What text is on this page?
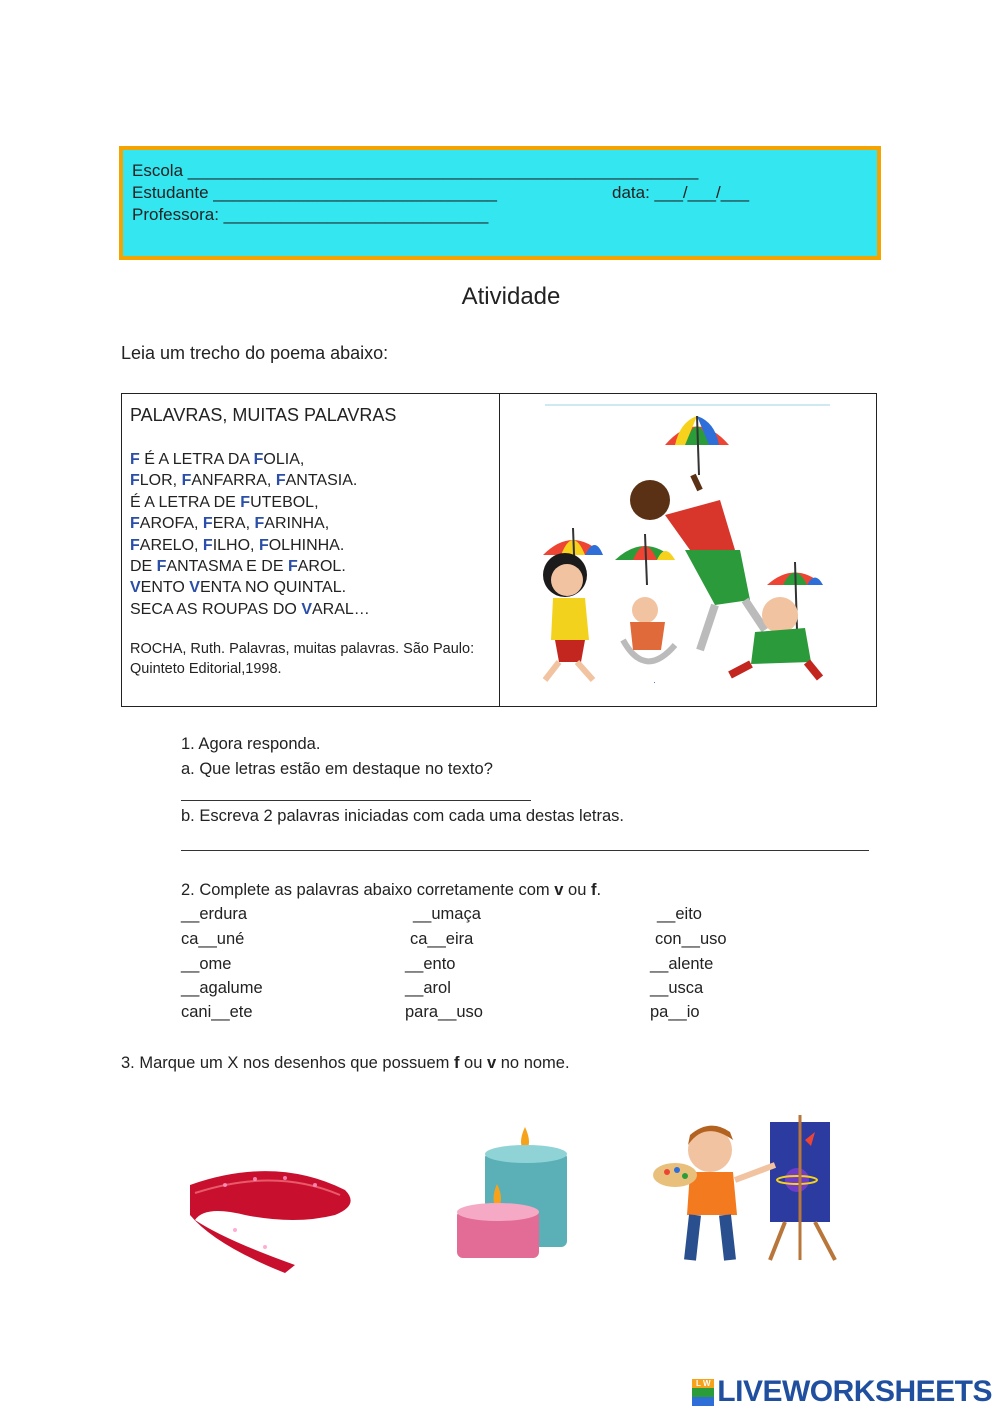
Escola ______________________________________________________
Estudante ______________________________	data: ___/___/___
Professora: ____________________________
Atividade
Leia um trecho do poema abaixo:
PALAVRAS, MUITAS PALAVRAS
F É A LETRA DA FOLIA,
FLOR, FANFARRA, FANTASIA.
É A LETRA DE FUTEBOL,
FAROFA, FERA, FARINHA,
FARELO, FILHO, FOLHINHA.
DE FANTASMA E DE FAROL.
VENTO VENTA NO QUINTAL.
SECA AS ROUPAS DO VARAL…
ROCHA, Ruth. Palavras, muitas palavras. São Paulo: Quinteto Editorial,1998.
·
1. Agora responda.
a. Que letras estão em destaque no texto?
b. Escreva 2 palavras iniciadas com cada uma destas letras.
2. Complete as palavras abaixo corretamente com v ou f.
__erdura
ca__uné
__ome
__agalume
cani__ete
__umaça
ca__eira
__ento
__arol
para__uso
__eito
con__uso
__alente
__usca
pa__io
3. Marque um X nos desenhos que possuem f ou v no nome.
L W LIVEWORKSHEETS
